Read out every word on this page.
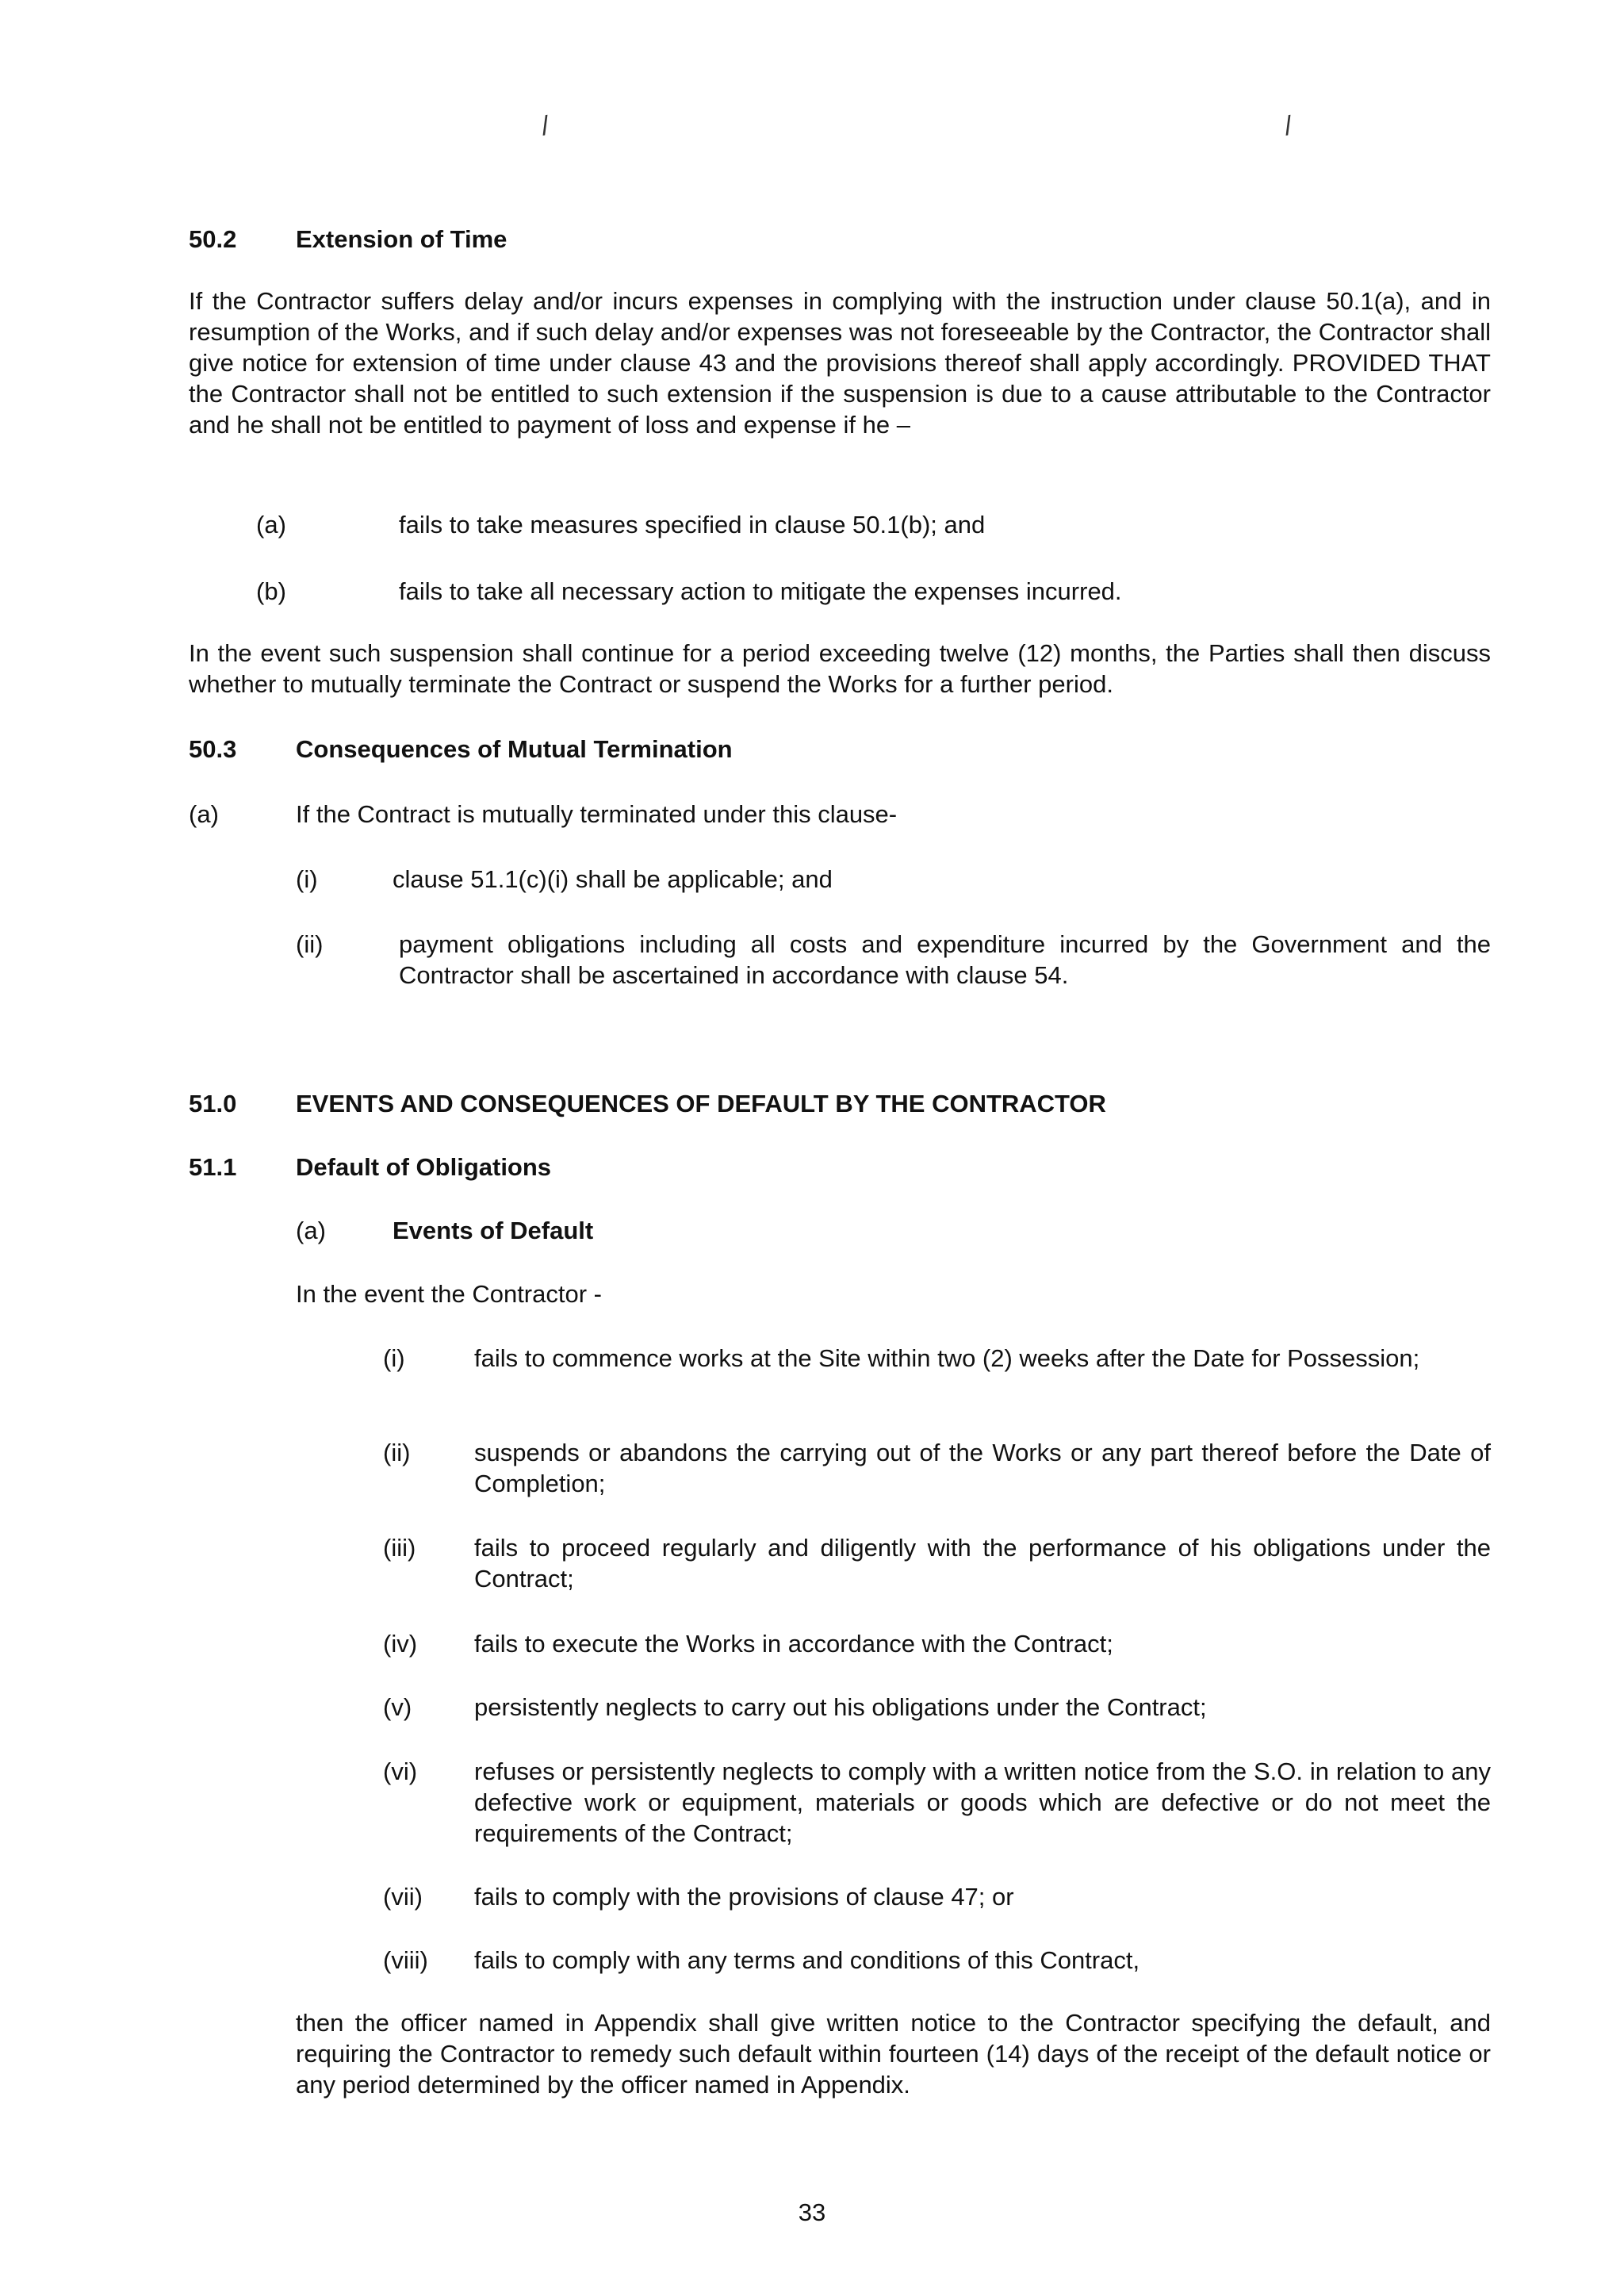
/	/
50.2 Extension of Time
If the Contractor suffers delay and/or incurs expenses in complying with the instruction under clause 50.1(a), and in resumption of the Works, and if such delay and/or expenses was not foreseeable by the Contractor, the Contractor shall give notice for extension of time under clause 43 and the provisions thereof shall apply accordingly. PROVIDED THAT the Contractor shall not be entitled to such extension if the suspension is due to a cause attributable to the Contractor and he shall not be entitled to payment of loss and expense if he –
(a)	fails to take measures specified in clause 50.1(b); and
(b)	fails to take all necessary action to mitigate the expenses incurred.
In the event such suspension shall continue for a period exceeding twelve (12) months, the Parties shall then discuss whether to mutually terminate the Contract or suspend the Works for a further period.
50.3 Consequences of Mutual Termination
(a)	If the Contract is mutually terminated under this clause-
(i)	clause 51.1(c)(i) shall be applicable; and
(ii)	payment obligations including all costs and expenditure incurred by the Government and the Contractor shall be ascertained in accordance with clause 54.
51.0 EVENTS AND CONSEQUENCES OF DEFAULT BY THE CONTRACTOR
51.1 Default of Obligations
(a)	Events of Default
In the event the Contractor -
(i)	fails to commence works at the Site within two (2) weeks after the Date for Possession;
(ii)	suspends or abandons the carrying out of the Works or any part thereof before the Date of Completion;
(iii) fails to proceed regularly and diligently with the performance of his obligations under the Contract;
(iv) fails to execute the Works in accordance with the Contract;
(v)	persistently neglects to carry out his obligations under the Contract;
(vi) refuses or persistently neglects to comply with a written notice from the S.O. in relation to any defective work or equipment, materials or goods which are defective or do not meet the requirements of the Contract;
(vii) fails to comply with the provisions of clause 47; or
(viii) fails to comply with any terms and conditions of this Contract,
then the officer named in Appendix shall give written notice to the Contractor specifying the default, and requiring the Contractor to remedy such default within fourteen (14) days of the receipt of the default notice or any period determined by the officer named in Appendix.
33
